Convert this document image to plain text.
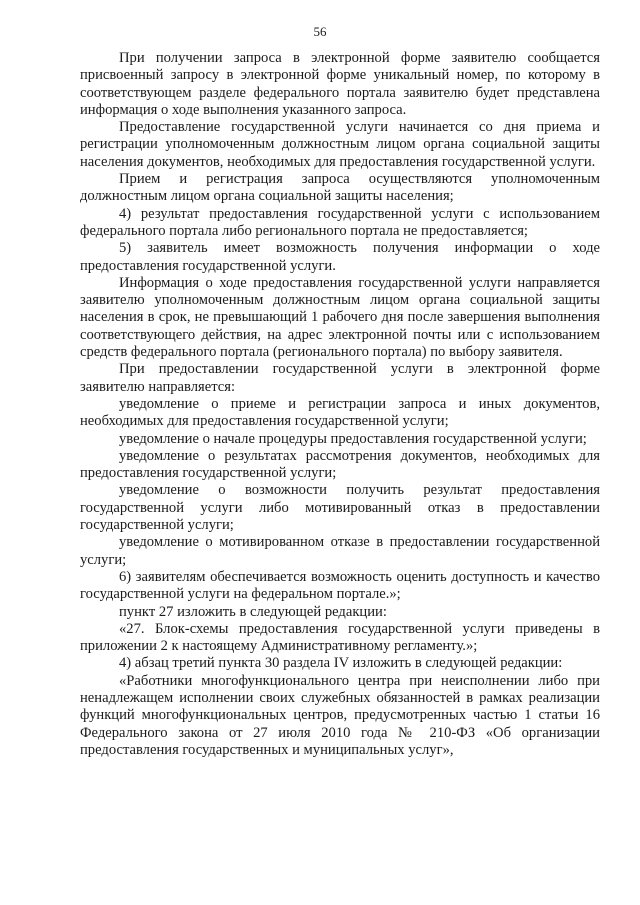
56

При получении запроса в электронной форме заявителю сообщается присвоенный запросу в электронной форме уникальный номер, по которому в соответствующем разделе федерального портала заявителю будет представлена информация о ходе выполнения указанного запроса.

Предоставление государственной услуги начинается со дня приема и регистрации уполномоченным должностным лицом органа социальной защиты населения документов, необходимых для предоставления государственной услуги.

Прием и регистрация запроса осуществляются уполномоченным должностным лицом органа социальной защиты населения;

4) результат предоставления государственной услуги с использованием федерального портала либо регионального портала не предоставляется;

5) заявитель имеет возможность получения информации о ходе предоставления государственной услуги.

Информация о ходе предоставления государственной услуги направляется заявителю уполномоченным должностным лицом органа социальной защиты населения в срок, не превышающий 1 рабочего дня после завершения выполнения соответствующего действия, на адрес электронной почты или с использованием средств федерального портала (регионального портала) по выбору заявителя.

При предоставлении государственной услуги в электронной форме заявителю направляется:

уведомление о приеме и регистрации запроса и иных документов, необходимых для предоставления государственной услуги;

уведомление о начале процедуры предоставления государственной услуги;

уведомление о результатах рассмотрения документов, необходимых для предоставления государственной услуги;

уведомление о возможности получить результат предоставления государственной услуги либо мотивированный отказ в предоставлении государственной услуги;

уведомление о мотивированном отказе в предоставлении государственной услуги;

6) заявителям обеспечивается возможность оценить доступность и качество государственной услуги на федеральном портале.»;

пункт 27 изложить в следующей редакции:

«27. Блок-схемы предоставления государственной услуги приведены в приложении 2 к настоящему Административному регламенту.»;

4) абзац третий пункта 30 раздела IV изложить в следующей редакции:

«Работники многофункционального центра при неисполнении либо при ненадлежащем исполнении своих служебных обязанностей в рамках реализации функций многофункциональных центров, предусмотренных частью 1 статьи 16 Федерального закона от 27 июля 2010 года № 210-ФЗ «Об организации предоставления государственных и муниципальных услуг»,
